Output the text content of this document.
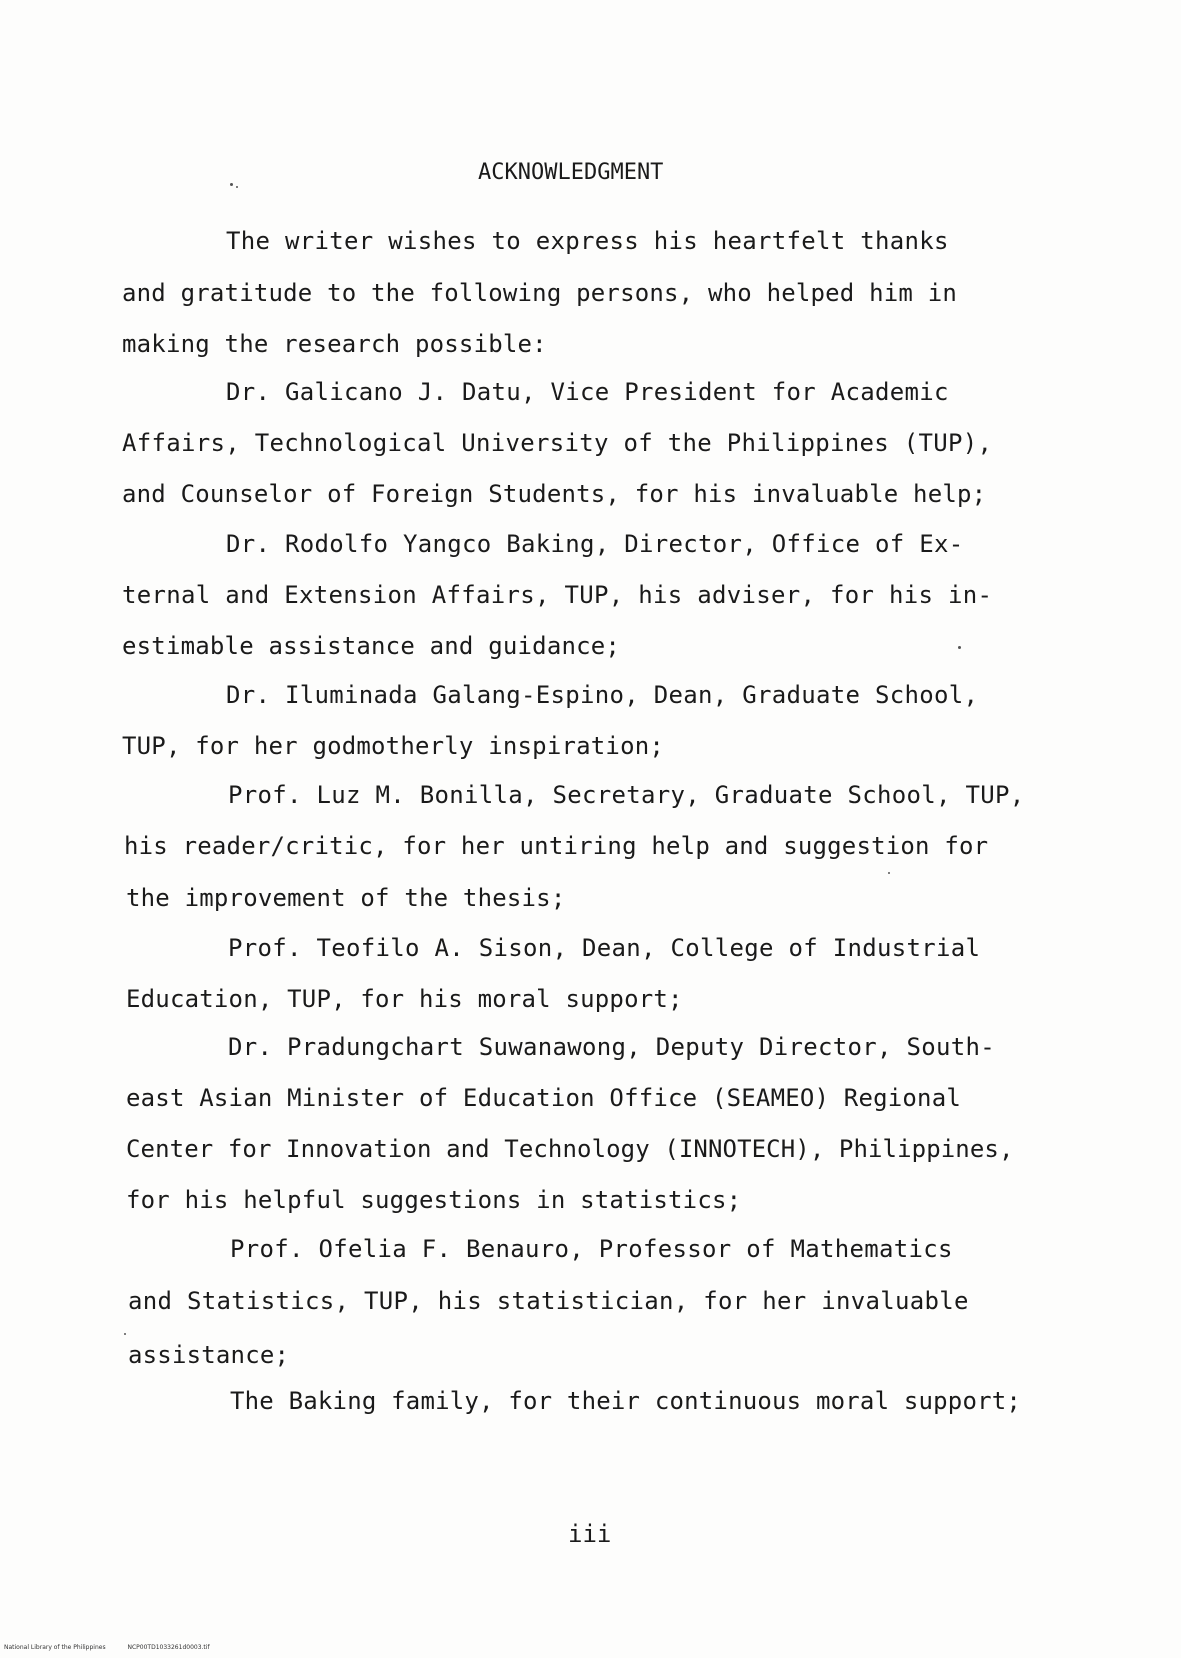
ACKNOWLEDGMENT
The writer wishes to express his heartfelt thanks
and gratitude to the following persons, who helped him in
making the research possible:
Dr. Galicano J. Datu, Vice President for Academic
Affairs, Technological University of the Philippines (TUP),
and Counselor of Foreign Students, for his invaluable help;
Dr. Rodolfo Yangco Baking, Director, Office of Ex-
ternal and Extension Affairs, TUP, his adviser, for his in-
estimable assistance and guidance;
Dr. Iluminada Galang-Espino, Dean, Graduate School,
TUP, for her godmotherly inspiration;
Prof. Luz M. Bonilla, Secretary, Graduate School, TUP,
his reader/critic, for her untiring help and suggestion for
the improvement of the thesis;
Prof. Teofilo A. Sison, Dean, College of Industrial
Education, TUP, for his moral support;
Dr. Pradungchart Suwanawong, Deputy Director, South-
east Asian Minister of Education Office (SEAMEO) Regional
Center for Innovation and Technology (INNOTECH), Philippines,
for his helpful suggestions in statistics;
Prof. Ofelia F. Benauro, Professor of Mathematics
and Statistics, TUP, his statistician, for her invaluable
assistance;
The Baking family, for their continuous moral support;
iii
National Library of the Philippines	NCP00TD1033261d0003.tif
